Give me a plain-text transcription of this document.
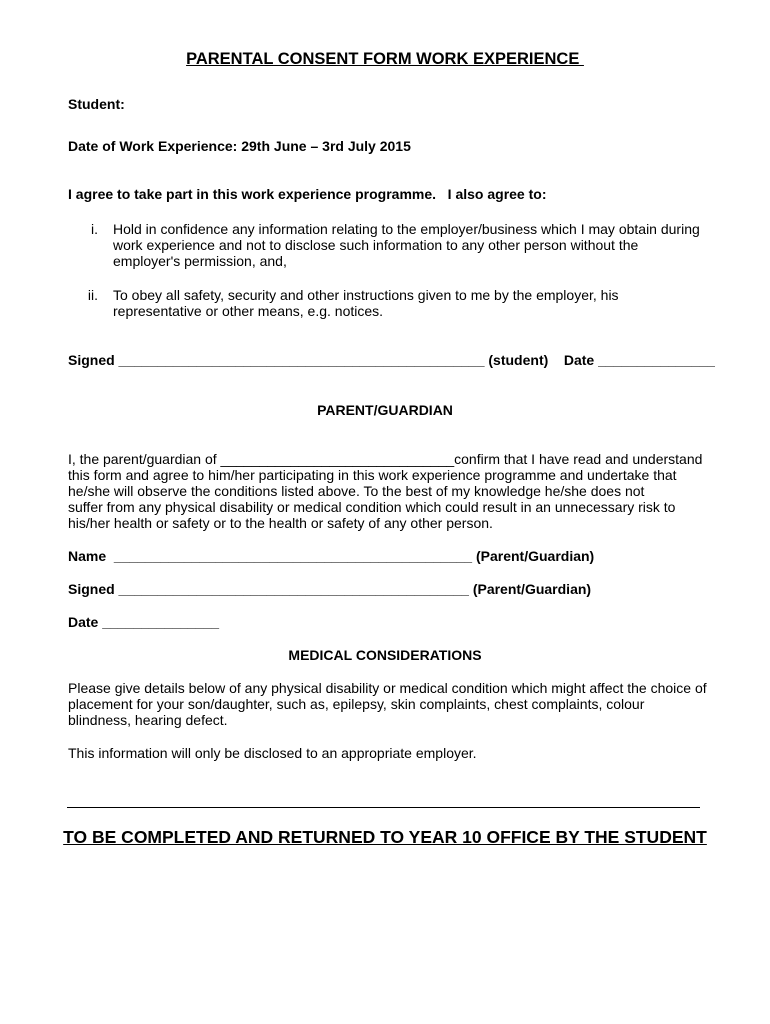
PARENTAL CONSENT FORM WORK EXPERIENCE

Student:

Date of Work Experience: 29th June – 3rd July 2015

I agree to take part in this work experience programme.   I also agree to:

i. Hold in confidence any information relating to the employer/business which I may obtain during work experience and not to disclose such information to any other person without the employer's permission, and,

ii. To obey all safety, security and other instructions given to me by the employer, his representative or other means, e.g. notices.

Signed _______________________________________________ (student)    Date _______________

PARENT/GUARDIAN

I, the parent/guardian of ______________________________confirm that I have read and understand

this form and agree to him/her participating in this work experience programme and undertake that he/she will observe the conditions listed above. To the best of my knowledge he/she does not suffer from any physical disability or medical condition which could result in an unnecessary risk to his/her health or safety or to the health or safety of any other person.

Name  ______________________________________________ (Parent/Guardian)

Signed _____________________________________________ (Parent/Guardian)

Date _______________

MEDICAL CONSIDERATIONS

Please give details below of any physical disability or medical condition which might affect the choice of placement for your son/daughter, such as, epilepsy, skin complaints, chest complaints, colour blindness, hearing defect.

This information will only be disclosed to an appropriate employer.

TO BE COMPLETED AND RETURNED TO YEAR 10 OFFICE BY THE STUDENT
